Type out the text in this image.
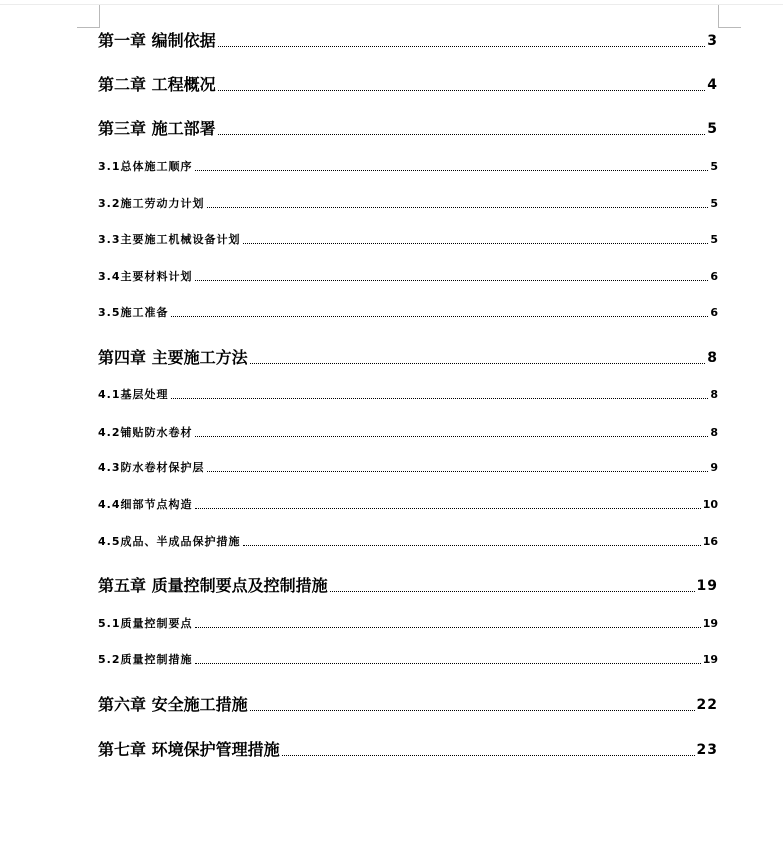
第一章 编制依据	3
第二章 工程概况	4
第三章 施工部署	5
3.1总体施工顺序	5
3.2施工劳动力计划	5
3.3主要施工机械设备计划	5
3.4主要材料计划	6
3.5施工准备	6
第四章 主要施工方法	8
4.1基层处理	8
4.2铺贴防水卷材	8
4.3防水卷材保护层	9
4.4细部节点构造	10
4.5成品、半成品保护措施	16
第五章 质量控制要点及控制措施	19
5.1质量控制要点	19
5.2质量控制措施	19
第六章 安全施工措施	22
第七章 环境保护管理措施	23
